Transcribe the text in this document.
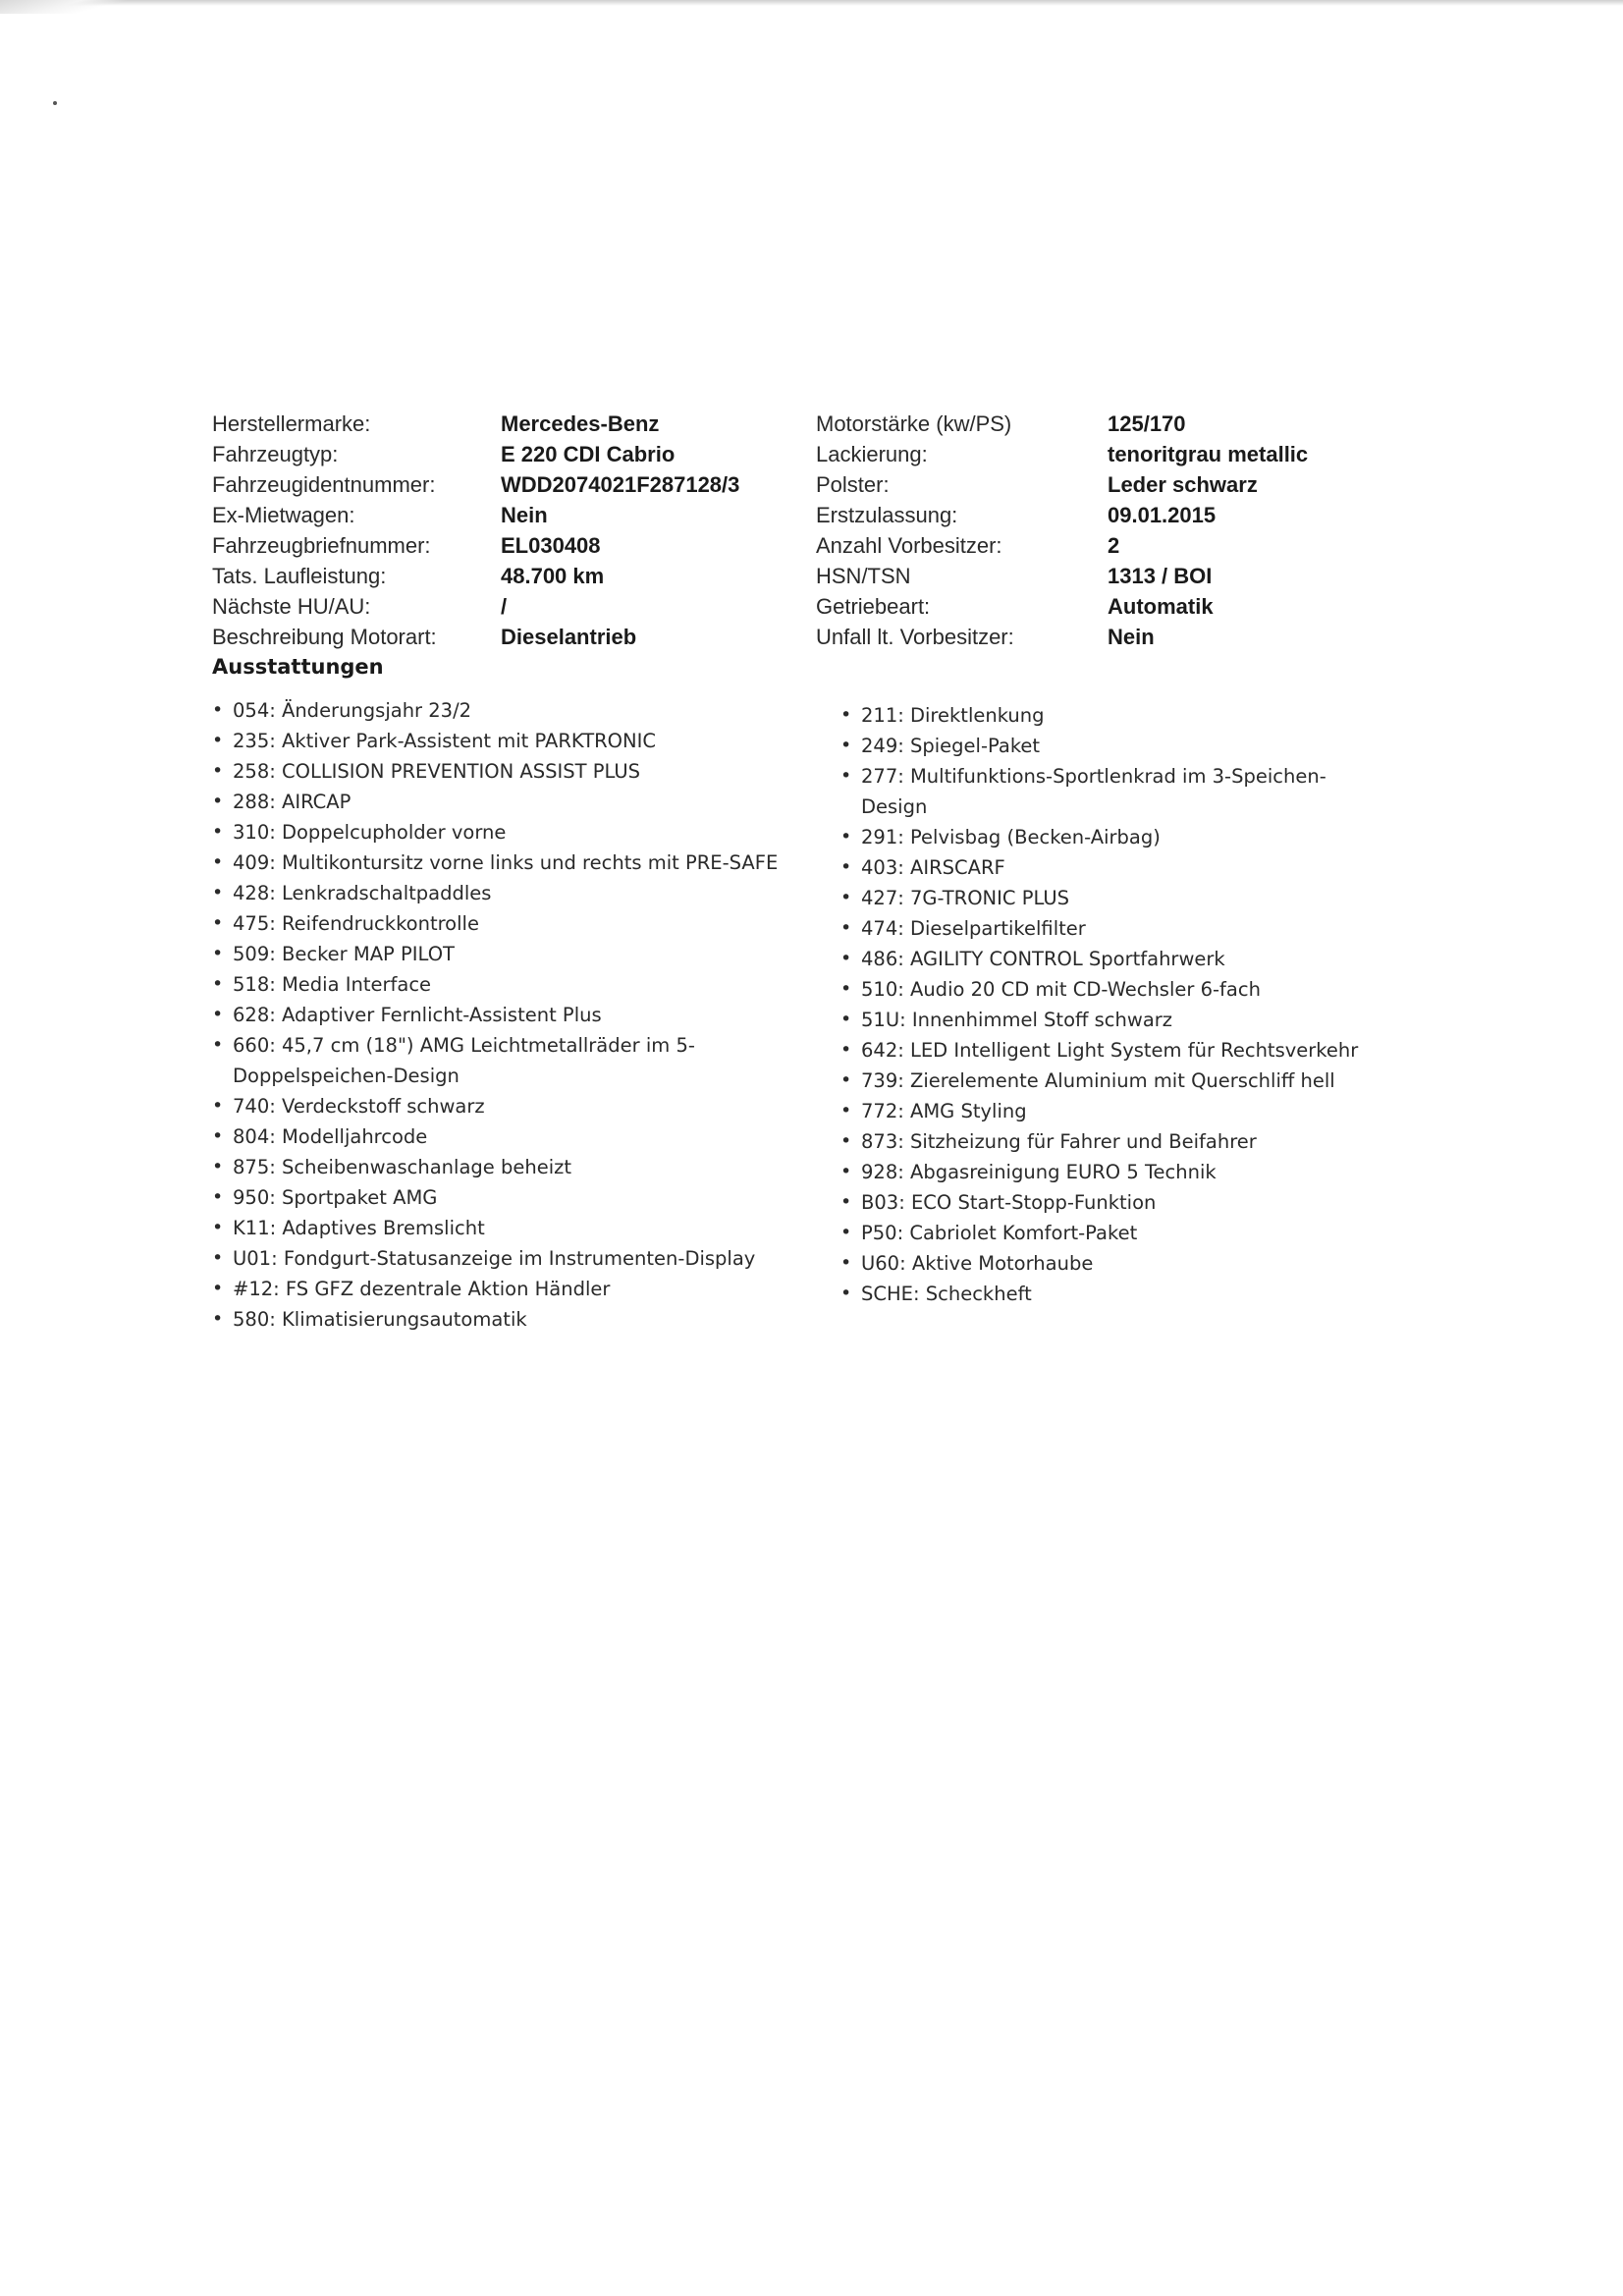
Herstellermarke:	Mercedes-Benz
Fahrzeugtyp:	E 220 CDI Cabrio
Fahrzeugidentnummer:	WDD2074021F287128/3
Ex-Mietwagen:	Nein
Fahrzeugbriefnummer:	EL030408
Tats. Laufleistung:	48.700 km
Nächste HU/AU:	/
Beschreibung Motorart:	Dieselantrieb
Motorstärke (kw/PS)	125/170
Lackierung:	tenoritgrau metallic
Polster:	Leder schwarz
Erstzulassung:	09.01.2015
Anzahl Vorbesitzer:	2
HSN/TSN	1313 / BOI
Getriebeart:	Automatik
Unfall lt. Vorbesitzer:	Nein
Ausstattungen
• 054: Änderungsjahr 23/2
• 235: Aktiver Park-Assistent mit PARKTRONIC
• 258: COLLISION PREVENTION ASSIST PLUS
• 288: AIRCAP
• 310: Doppelcupholder vorne
• 409: Multikontursitz vorne links und rechts mit PRE-SAFE
• 428: Lenkradschaltpaddles
• 475: Reifendruckkontrolle
• 509: Becker MAP PILOT
• 518: Media Interface
• 628: Adaptiver Fernlicht-Assistent Plus
• 660: 45,7 cm (18") AMG Leichtmetallräder im 5-Doppelspeichen-Design
• 740: Verdeckstoff schwarz
• 804: Modelljahrcode
• 875: Scheibenwaschanlage beheizt
• 950: Sportpaket AMG
• K11: Adaptives Bremslicht
• U01: Fondgurt-Statusanzeige im Instrumenten-Display
• #12: FS GFZ dezentrale Aktion Händler
• 580: Klimatisierungsautomatik
• 211: Direktlenkung
• 249: Spiegel-Paket
• 277: Multifunktions-Sportlenkrad im 3-Speichen-Design
• 291: Pelvisbag (Becken-Airbag)
• 403: AIRSCARF
• 427: 7G-TRONIC PLUS
• 474: Dieselpartikelfilter
• 486: AGILITY CONTROL Sportfahrwerk
• 510: Audio 20 CD mit CD-Wechsler 6-fach
• 51U: Innenhimmel Stoff schwarz
• 642: LED Intelligent Light System für Rechtsverkehr
• 739: Zierelemente Aluminium mit Querschliff hell
• 772: AMG Styling
• 873: Sitzheizung für Fahrer und Beifahrer
• 928: Abgasreinigung EURO 5 Technik
• B03: ECO Start-Stopp-Funktion
• P50: Cabriolet Komfort-Paket
• U60: Aktive Motorhaube
• SCHE: Scheckheft
